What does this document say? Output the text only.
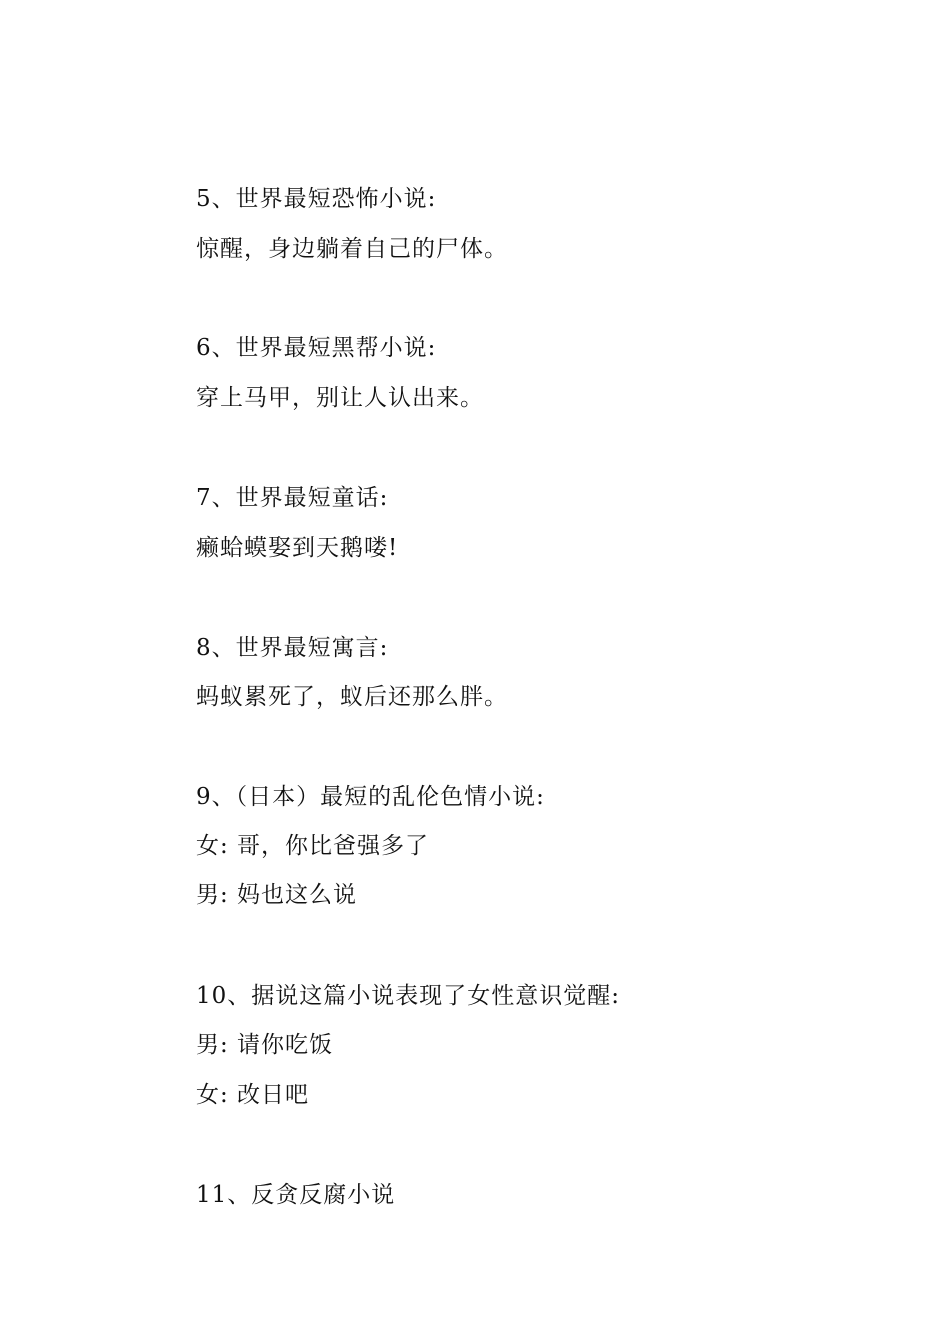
5、世界最短恐怖小说:
惊醒，身边躺着自己的尸体。
6、世界最短黑帮小说:
穿上马甲，别让人认出来。
7、世界最短童话:
癞蛤蟆娶到天鹅喽!
8、世界最短寓言:
蚂蚁累死了，蚁后还那么胖。
9、（日本）最短的乱伦色情小说:
女: 哥，你比爸强多了
男: 妈也这么说
10、据说这篇小说表现了女性意识觉醒:
男: 请你吃饭
女: 改日吧
11、反贪反腐小说
